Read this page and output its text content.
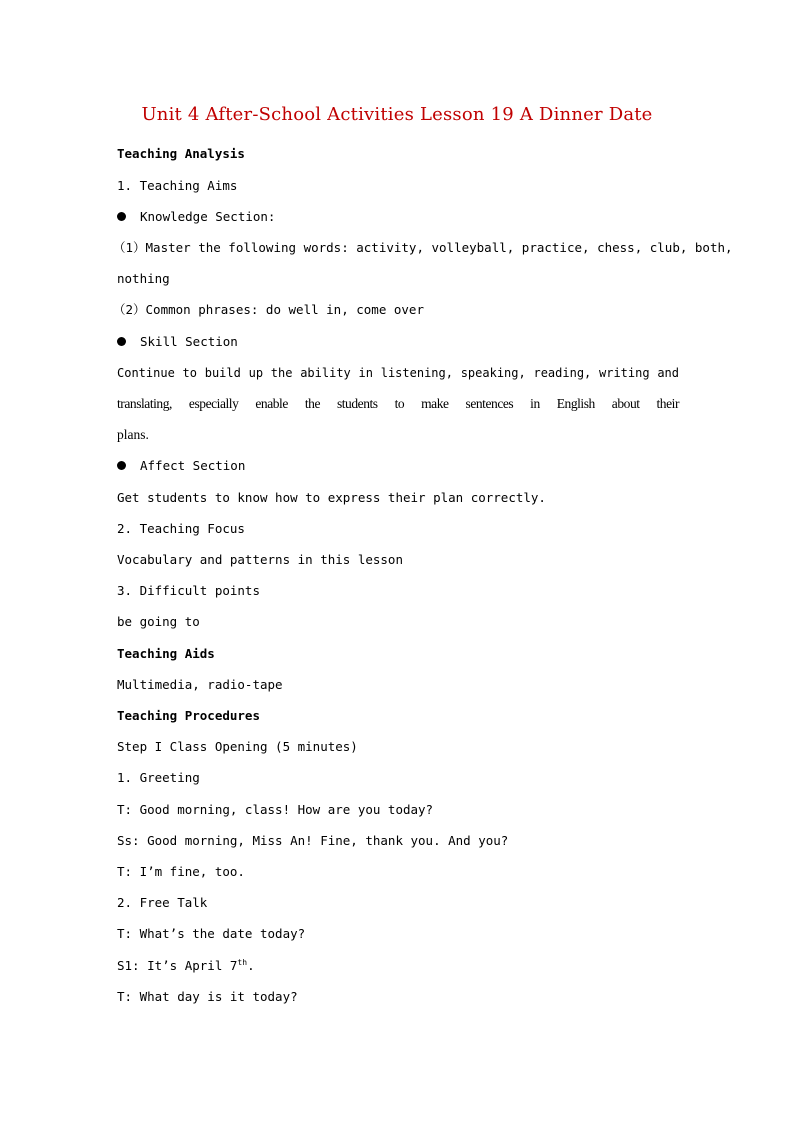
Unit 4 After-School Activities Lesson 19 A Dinner Date
Teaching Analysis
1. Teaching Aims
Knowledge Section:
（1）Master the following words: activity, volleyball, practice, chess, club, both,
nothing
（2）Common phrases: do well in, come over
Skill Section
Continue to build up the ability in listening, speaking, reading, writing and
translating, especially enable the students to make sentences in English about their
plans.
Affect Section
Get students to know how to express their plan correctly.
2. Teaching Focus
Vocabulary and patterns in this lesson
3. Difficult points
be going to
Teaching Aids
Multimedia, radio-tape
Teaching Procedures
Step I Class Opening (5 minutes)
1. Greeting
T: Good morning, class! How are you today?
Ss: Good morning, Miss An! Fine, thank you. And you?
T: I’m fine, too.
2. Free Talk
T: What’s the date today?
S1: It’s April 7th.
T: What day is it today?
